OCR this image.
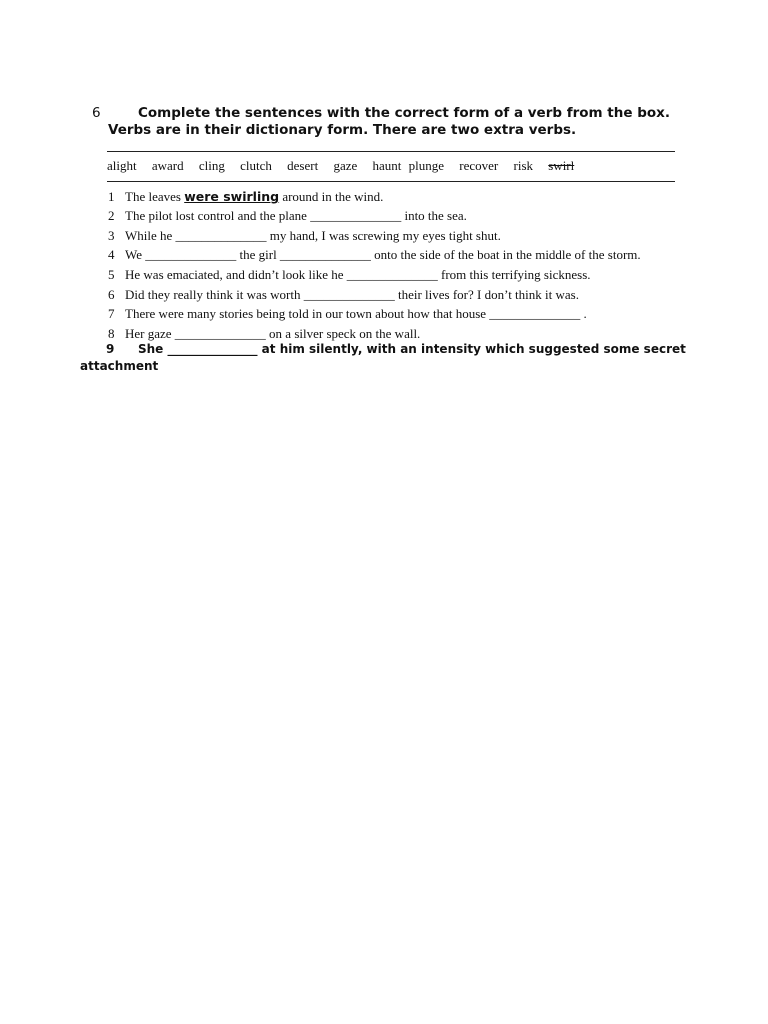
6	Complete the sentences with the correct form of a verb from the box.
Verbs are in their dictionary form. There are two extra verbs.
alight award cling clutch desert gaze haunt plunge recover risk swirl
1 The leaves were swirling around in the wind.
2 The pilot lost control and the plane ______________ into the sea.
3 While he ______________ my hand, I was screwing my eyes tight shut.
4 We ______________ the girl ______________ onto the side of the boat in the middle of the storm.
5 He was emaciated, and didn’t look like he ______________ from this terrifying sickness.
6 Did they really think it was worth ______________ their lives for? I don’t think it was.
7 There were many stories being told in our town about how that house ______________ .
8 Her gaze ______________ on a silver speck on the wall.
9 She _______________ at him silently, with an intensity which suggested some secret
attachment
